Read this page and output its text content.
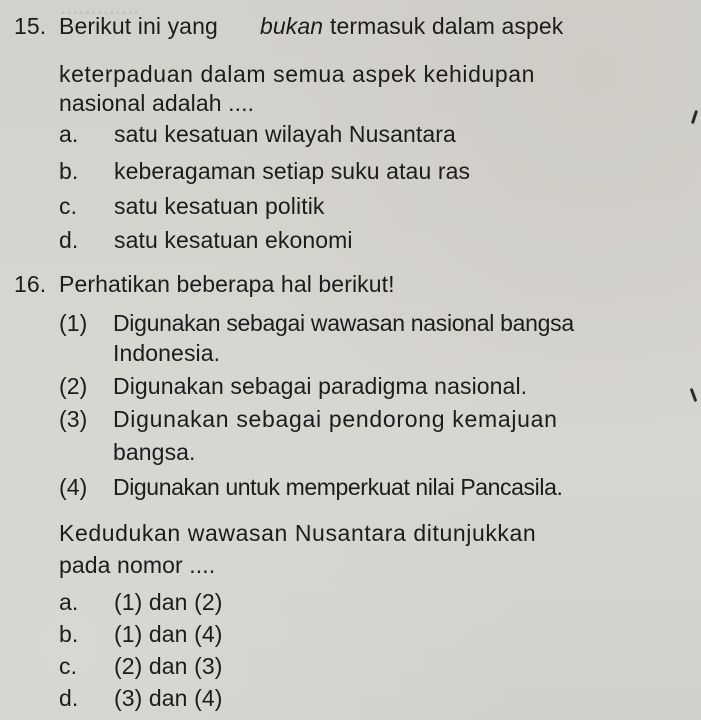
.............
15. Berikut ini yang bukan termasuk dalam aspek
keterpaduan dalam semua aspek kehidupan
nasional adalah ....
a. satu kesatuan wilayah Nusantara
b. keberagaman setiap suku atau ras
c. satu kesatuan politik
d. satu kesatuan ekonomi
16. Perhatikan beberapa hal berikut!
(1) Digunakan sebagai wawasan nasional bangsa
Indonesia.
(2) Digunakan sebagai paradigma nasional.
(3) Digunakan sebagai pendorong kemajuan
bangsa.
(4) Digunakan untuk memperkuat nilai Pancasila.
Kedudukan wawasan Nusantara ditunjukkan
pada nomor ....
a. (1) dan (2)
b. (1) dan (4)
c. (2) dan (3)
d. (3) dan (4)
